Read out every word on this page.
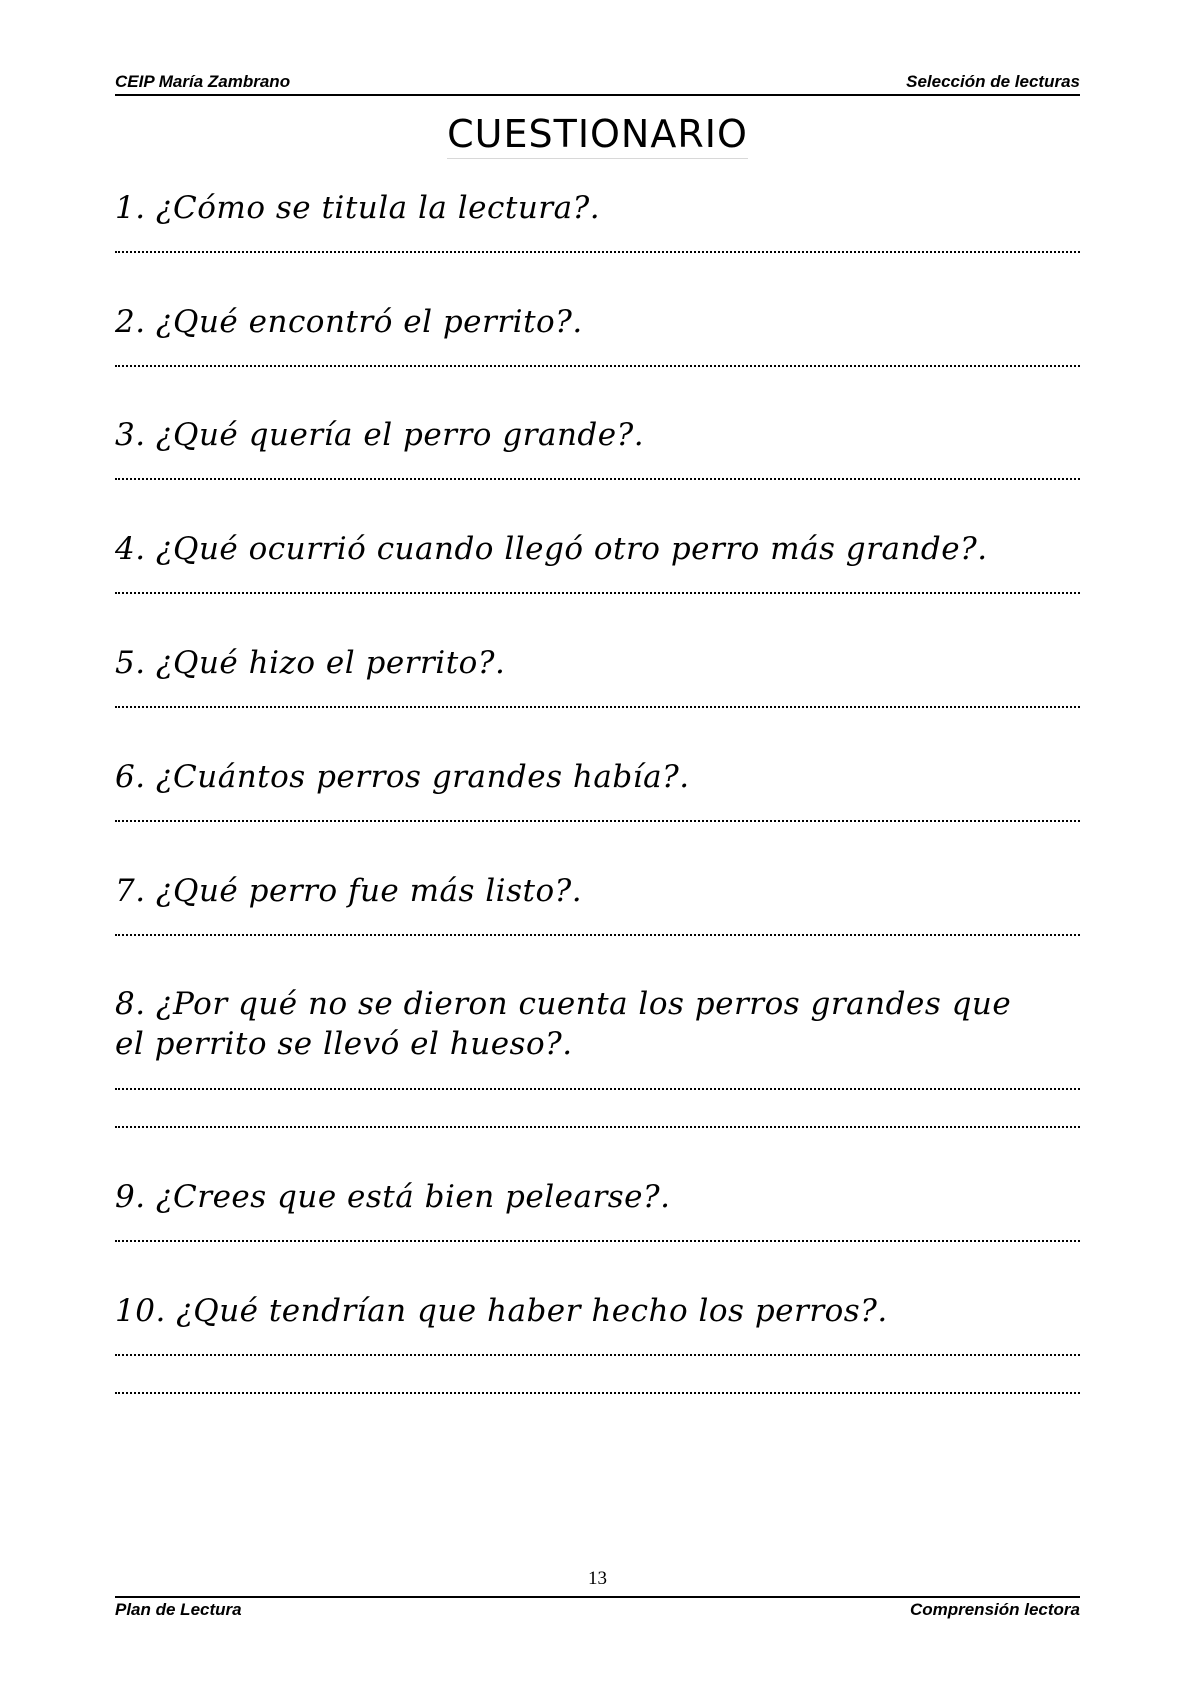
CEIP María Zambrano	Selección de lecturas
CUESTIONARIO
1. ¿Cómo se titula la lectura?.
2. ¿Qué encontró el perrito?.
3. ¿Qué quería el perro grande?.
4. ¿Qué ocurrió cuando llegó otro perro más grande?.
5. ¿Qué hizo el perrito?.
6. ¿Cuántos perros grandes había?.
7. ¿Qué perro fue más listo?.
8. ¿Por qué no se dieron cuenta los perros grandes que
el perrito se llevó el hueso?.
9. ¿Crees que está bien pelearse?.
10. ¿Qué tendrían que haber hecho los perros?.
13
Plan de Lectura	Comprensión lectora
